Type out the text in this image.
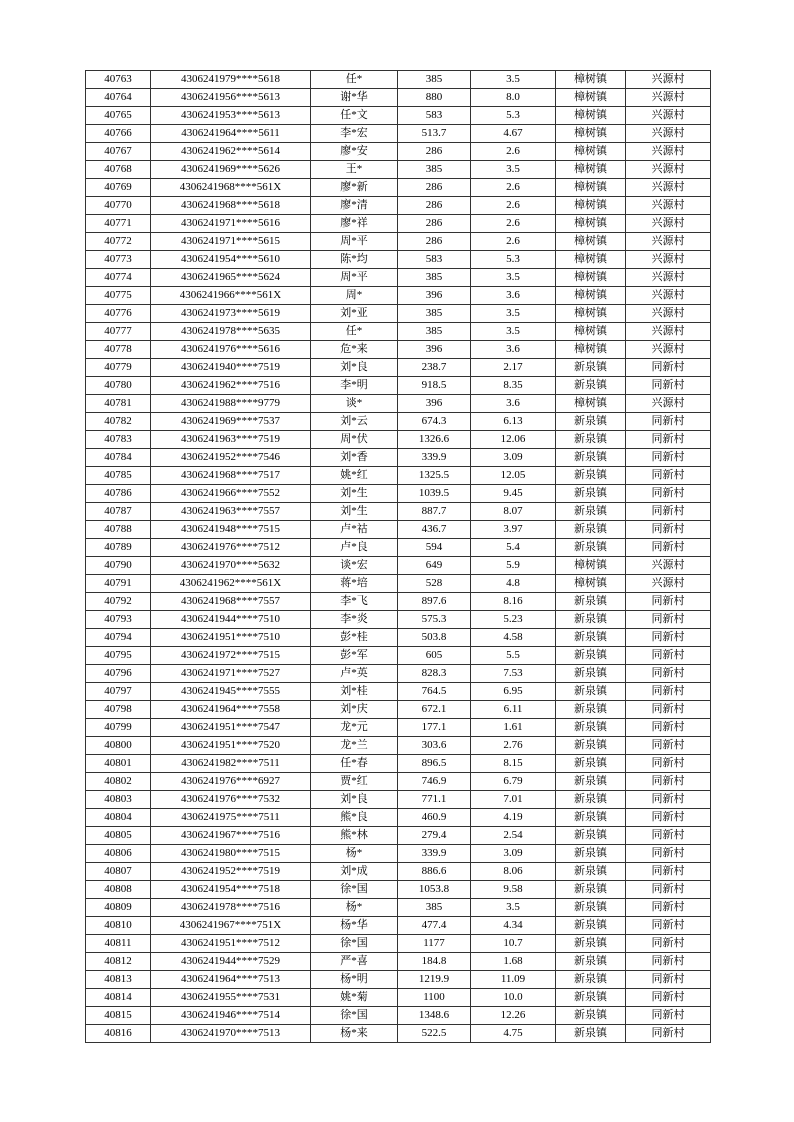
40763	4306241979****5618	任*	385	3.5	樟树镇	兴源村
40764	4306241956****5613	谢*华	880	8.0	樟树镇	兴源村
40765	4306241953****5613	任*文	583	5.3	樟树镇	兴源村
40766	4306241964****5611	李*宏	513.7	4.67	樟树镇	兴源村
40767	4306241962****5614	廖*安	286	2.6	樟树镇	兴源村
40768	4306241969****5626	王*	385	3.5	樟树镇	兴源村
40769	4306241968****561X	廖*新	286	2.6	樟树镇	兴源村
40770	4306241968****5618	廖*清	286	2.6	樟树镇	兴源村
40771	4306241971****5616	廖*祥	286	2.6	樟树镇	兴源村
40772	4306241971****5615	周*平	286	2.6	樟树镇	兴源村
40773	4306241954****5610	陈*均	583	5.3	樟树镇	兴源村
40774	4306241965****5624	周*平	385	3.5	樟树镇	兴源村
40775	4306241966****561X	周*	396	3.6	樟树镇	兴源村
40776	4306241973****5619	刘*亚	385	3.5	樟树镇	兴源村
40777	4306241978****5635	任*	385	3.5	樟树镇	兴源村
40778	4306241976****5616	危*来	396	3.6	樟树镇	兴源村
40779	4306241940****7519	刘*良	238.7	2.17	新泉镇	同新村
40780	4306241962****7516	李*明	918.5	8.35	新泉镇	同新村
40781	4306241988****9779	谈*	396	3.6	樟树镇	兴源村
40782	4306241969****7537	刘*云	674.3	6.13	新泉镇	同新村
40783	4306241963****7519	周*伏	1326.6	12.06	新泉镇	同新村
40784	4306241952****7546	刘*香	339.9	3.09	新泉镇	同新村
40785	4306241968****7517	姚*红	1325.5	12.05	新泉镇	同新村
40786	4306241966****7552	刘*生	1039.5	9.45	新泉镇	同新村
40787	4306241963****7557	刘*生	887.7	8.07	新泉镇	同新村
40788	4306241948****7515	卢*祜	436.7	3.97	新泉镇	同新村
40789	4306241976****7512	卢*良	594	5.4	新泉镇	同新村
40790	4306241970****5632	谈*宏	649	5.9	樟树镇	兴源村
40791	4306241962****561X	蒋*培	528	4.8	樟树镇	兴源村
40792	4306241968****7557	李*飞	897.6	8.16	新泉镇	同新村
40793	4306241944****7510	李*炎	575.3	5.23	新泉镇	同新村
40794	4306241951****7510	彭*桂	503.8	4.58	新泉镇	同新村
40795	4306241972****7515	彭*军	605	5.5	新泉镇	同新村
40796	4306241971****7527	卢*英	828.3	7.53	新泉镇	同新村
40797	4306241945****7555	刘*桂	764.5	6.95	新泉镇	同新村
40798	4306241964****7558	刘*庆	672.1	6.11	新泉镇	同新村
40799	4306241951****7547	龙*元	177.1	1.61	新泉镇	同新村
40800	4306241951****7520	龙*兰	303.6	2.76	新泉镇	同新村
40801	4306241982****7511	任*春	896.5	8.15	新泉镇	同新村
40802	4306241976****6927	贾*红	746.9	6.79	新泉镇	同新村
40803	4306241976****7532	刘*良	771.1	7.01	新泉镇	同新村
40804	4306241975****7511	熊*良	460.9	4.19	新泉镇	同新村
40805	4306241967****7516	熊*林	279.4	2.54	新泉镇	同新村
40806	4306241980****7515	杨*	339.9	3.09	新泉镇	同新村
40807	4306241952****7519	刘*成	886.6	8.06	新泉镇	同新村
40808	4306241954****7518	徐*国	1053.8	9.58	新泉镇	同新村
40809	4306241978****7516	杨*	385	3.5	新泉镇	同新村
40810	4306241967****751X	杨*华	477.4	4.34	新泉镇	同新村
40811	4306241951****7512	徐*国	1177	10.7	新泉镇	同新村
40812	4306241944****7529	严*喜	184.8	1.68	新泉镇	同新村
40813	4306241964****7513	杨*明	1219.9	11.09	新泉镇	同新村
40814	4306241955****7531	姚*菊	1100	10.0	新泉镇	同新村
40815	4306241946****7514	徐*国	1348.6	12.26	新泉镇	同新村
40816	4306241970****7513	杨*来	522.5	4.75	新泉镇	同新村
